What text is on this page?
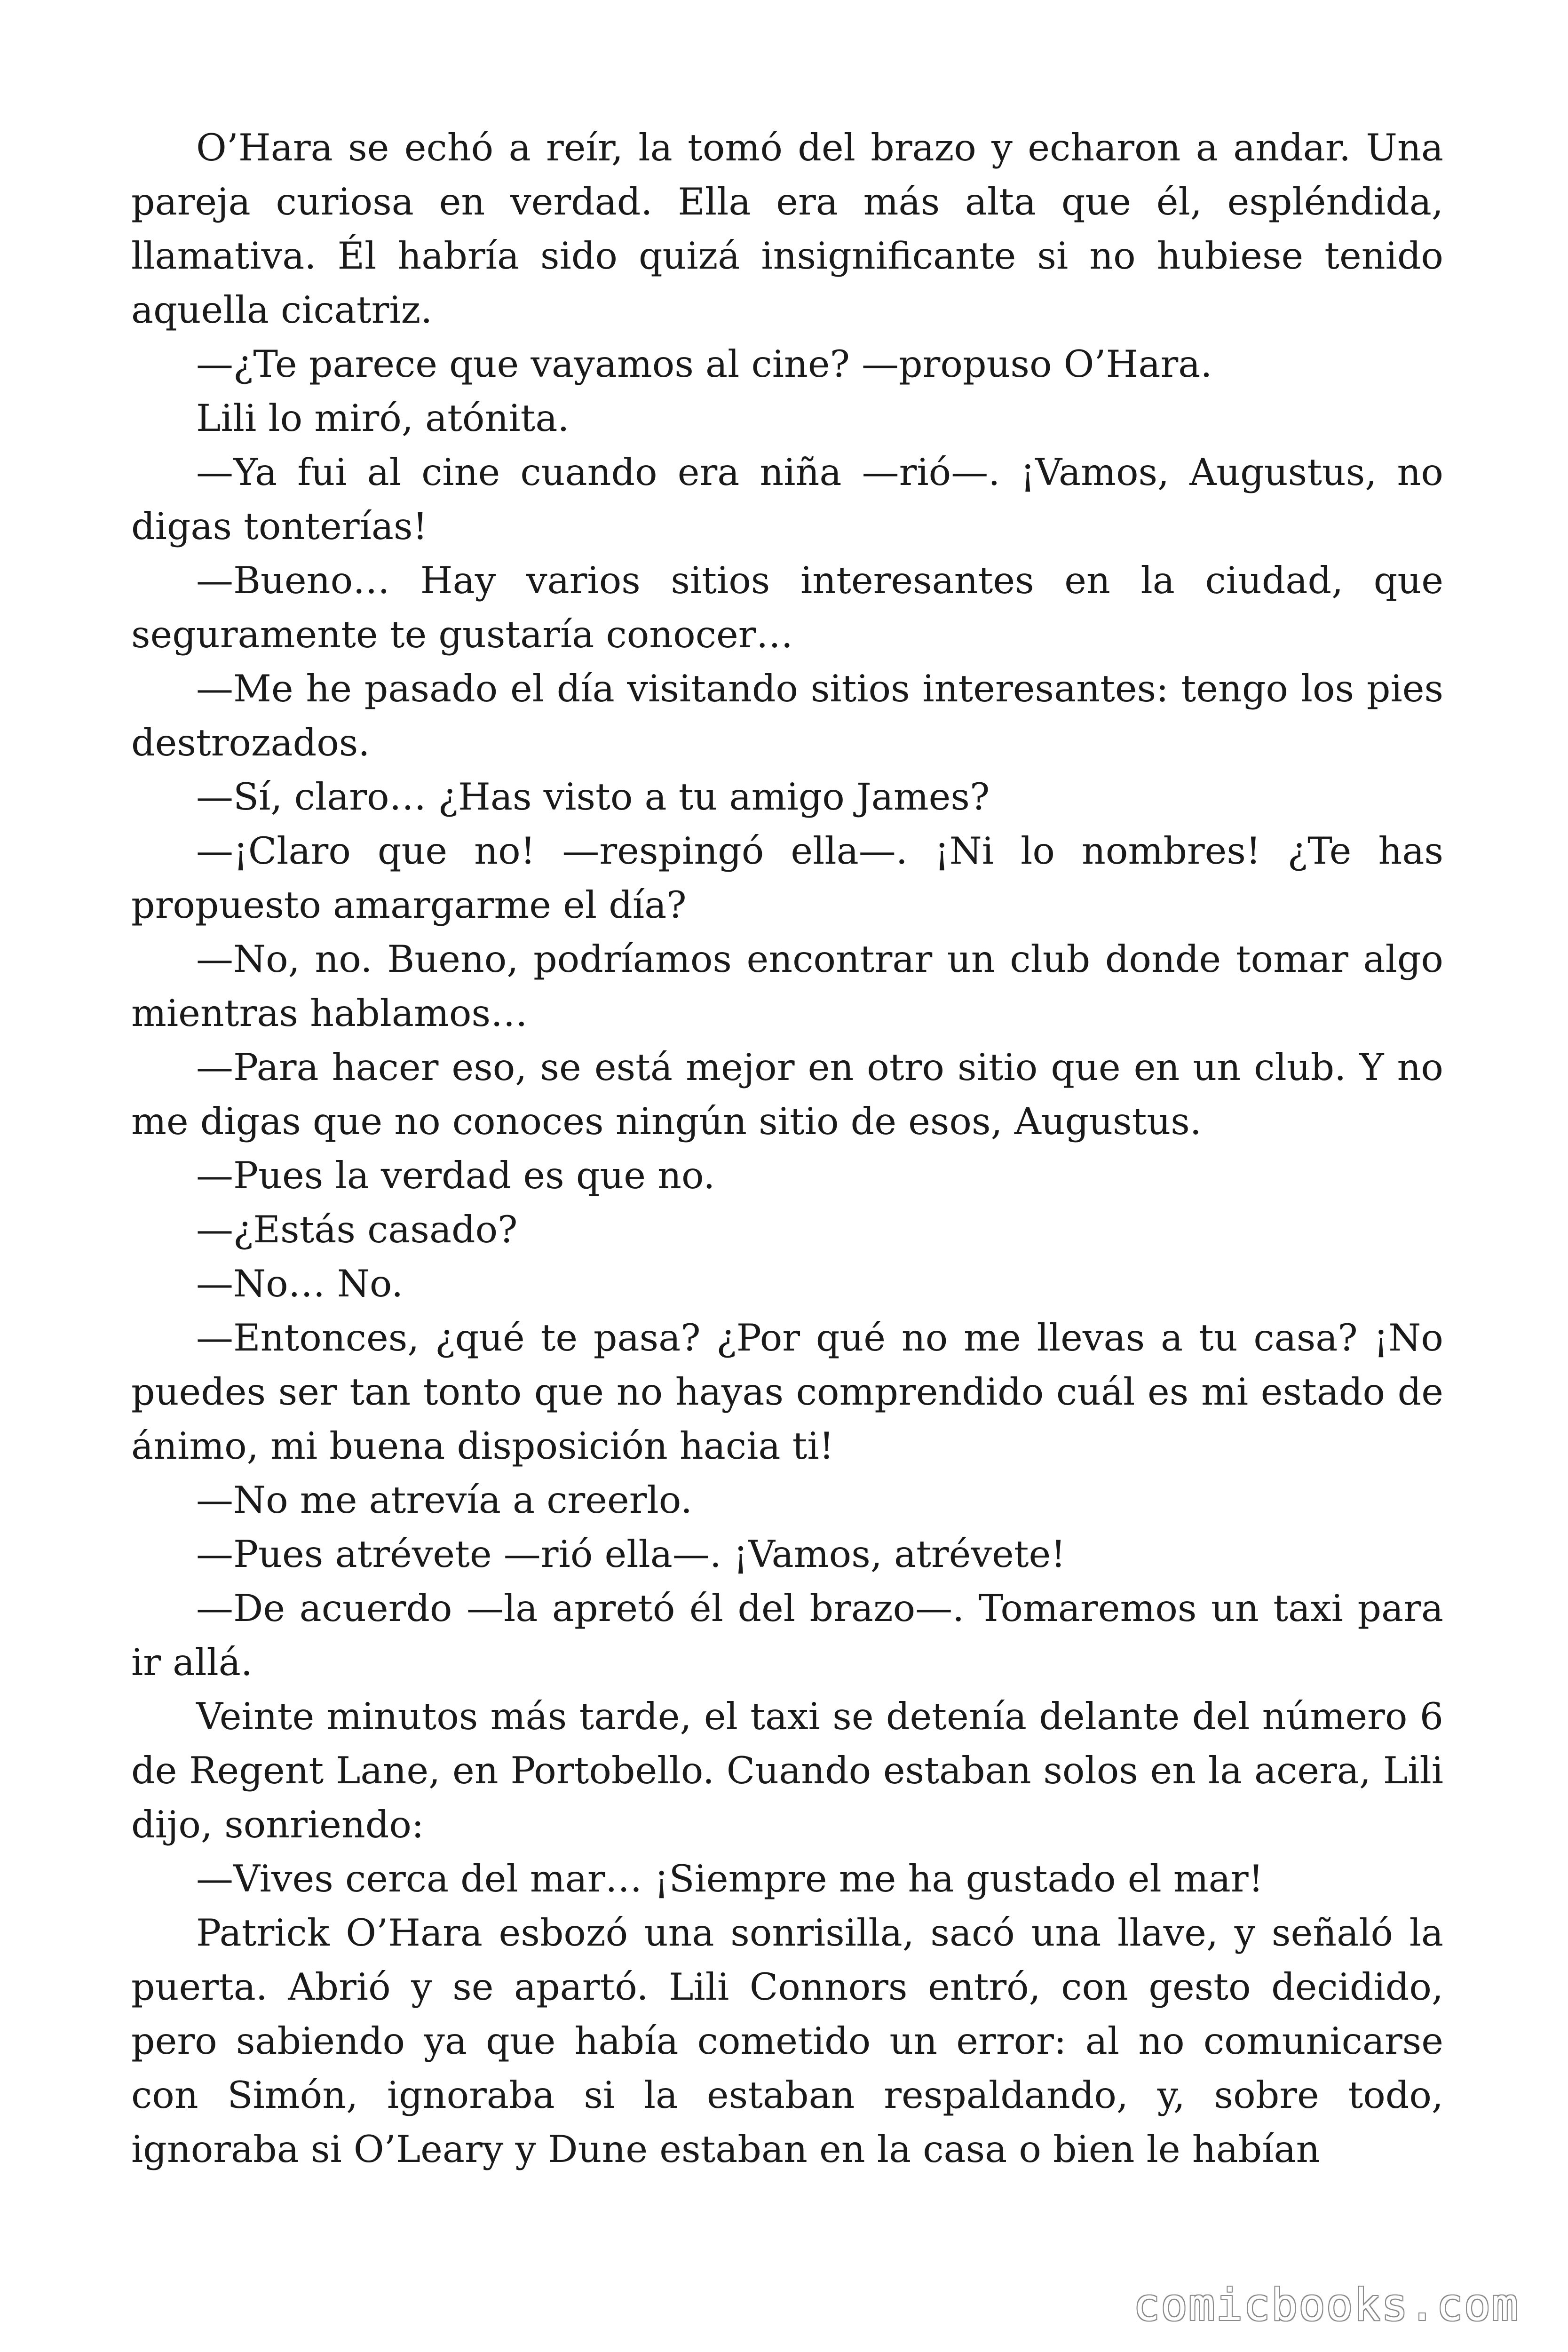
O’Hara se echó a reír, la tomó del brazo y echaron a andar. Una pareja curiosa en verdad. Ella era más alta que él, espléndida, llamativa. Él habría sido quizá insignificante si no hubiese tenido aquella cicatriz.

—¿Te parece que vayamos al cine? —propuso O’Hara.

Lili lo miró, atónita.

—Ya fui al cine cuando era niña —rió—. ¡Vamos, Augustus, no digas tonterías!

—Bueno… Hay varios sitios interesantes en la ciudad, que seguramente te gustaría conocer…

—Me he pasado el día visitando sitios interesantes: tengo los pies destrozados.

—Sí, claro… ¿Has visto a tu amigo James?

—¡Claro que no! —respingó ella—. ¡Ni lo nombres! ¿Te has propuesto amargarme el día?

—No, no. Bueno, podríamos encontrar un club donde tomar algo mientras hablamos…

—Para hacer eso, se está mejor en otro sitio que en un club. Y no me digas que no conoces ningún sitio de esos, Augustus.

—Pues la verdad es que no.

—¿Estás casado?

—No… No.

—Entonces, ¿qué te pasa? ¿Por qué no me llevas a tu casa? ¡No puedes ser tan tonto que no hayas comprendido cuál es mi estado de ánimo, mi buena disposición hacia ti!

—No me atrevía a creerlo.

—Pues atrévete —rió ella—. ¡Vamos, atrévete!

—De acuerdo —la apretó él del brazo—. Tomaremos un taxi para ir allá.

Veinte minutos más tarde, el taxi se detenía delante del número 6 de Regent Lane, en Portobello. Cuando estaban solos en la acera, Lili dijo, sonriendo:

—Vives cerca del mar… ¡Siempre me ha gustado el mar!

Patrick O’Hara esbozó una sonrisilla, sacó una llave, y señaló la puerta. Abrió y se apartó. Lili Connors entró, con gesto decidido, pero sabiendo ya que había cometido un error: al no comunicarse con Simón, ignoraba si la estaban respaldando, y, sobre todo, ignoraba si O’Leary y Dune estaban en la casa o bien le habían

comicbooks.com
